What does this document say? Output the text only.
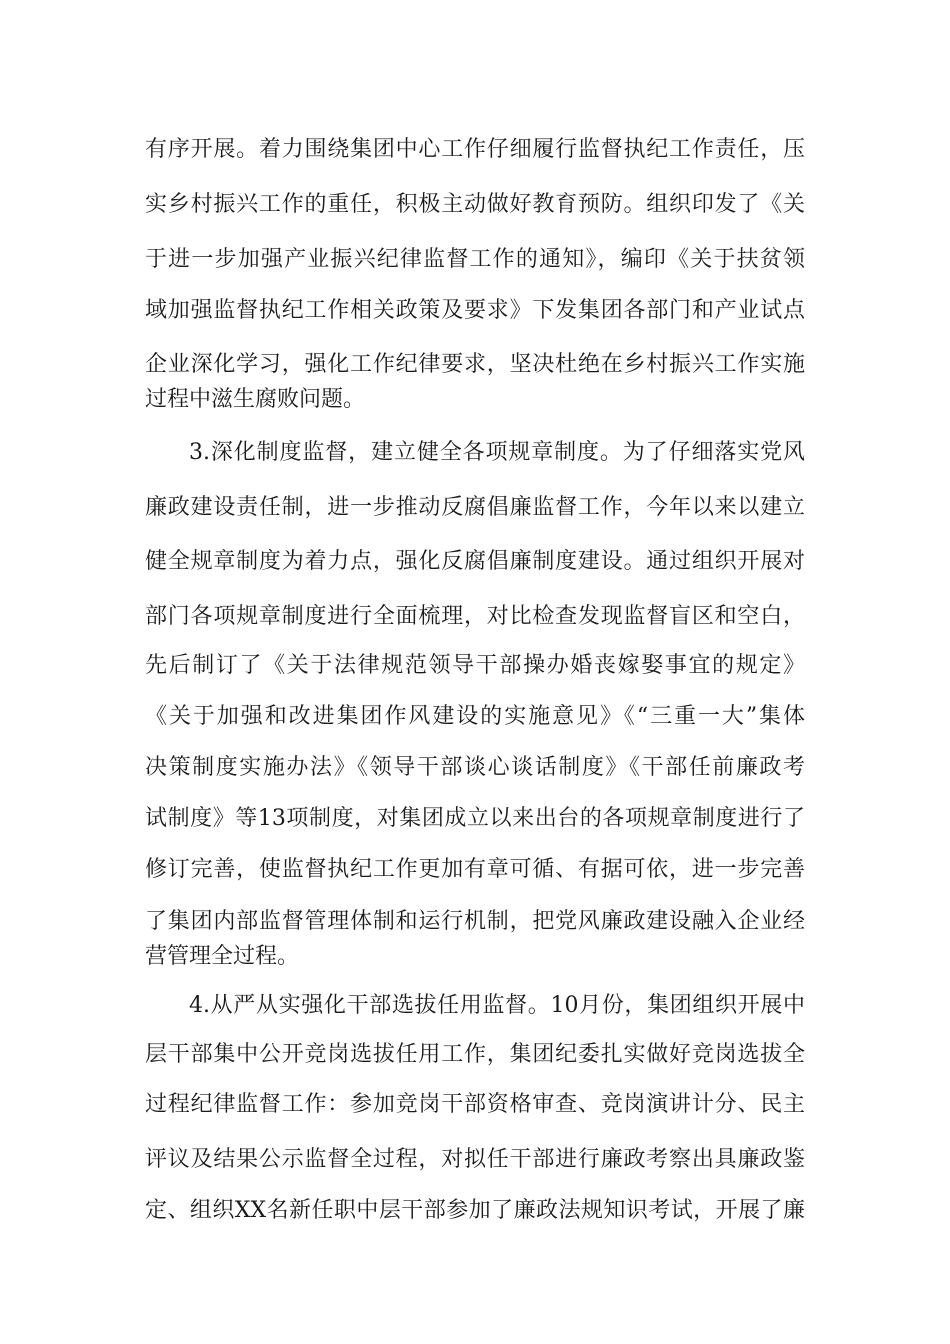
有序开展。着力围绕集团中心工作仔细履行监督执纪工作责任，压
实乡村振兴工作的重任，积极主动做好教育预防。组织印发了《关
于进一步加强产业振兴纪律监督工作的通知》，编印《关于扶贫领
域加强监督执纪工作相关政策及要求》下发集团各部门和产业试点
企业深化学习，强化工作纪律要求，坚决杜绝在乡村振兴工作实施
过程中滋生腐败问题。
3.深化制度监督，建立健全各项规章制度。为了仔细落实党风
廉政建设责任制，进一步推动反腐倡廉监督工作，今年以来以建立
健全规章制度为着力点，强化反腐倡廉制度建设。通过组织开展对
部门各项规章制度进行全面梳理，对比检查发现监督盲区和空白，
先后制订了《关于法律规范领导干部操办婚丧嫁娶事宜的规定》
《关于加强和改进集团作风建设的实施意见》《“三重一大”集体
决策制度实施办法》《领导干部谈心谈话制度》《干部任前廉政考
试制度》等13项制度，对集团成立以来出台的各项规章制度进行了
修订完善，使监督执纪工作更加有章可循、有据可依，进一步完善
了集团内部监督管理体制和运行机制，把党风廉政建设融入企业经
营管理全过程。
4.从严从实强化干部选拔任用监督。10月份，集团组织开展中
层干部集中公开竞岗选拔任用工作，集团纪委扎实做好竞岗选拔全
过程纪律监督工作：参加竞岗干部资格审查、竞岗演讲计分、民主
评议及结果公示监督全过程，对拟任干部进行廉政考察出具廉政鉴
定、组织XX名新任职中层干部参加了廉政法规知识考试，开展了廉
